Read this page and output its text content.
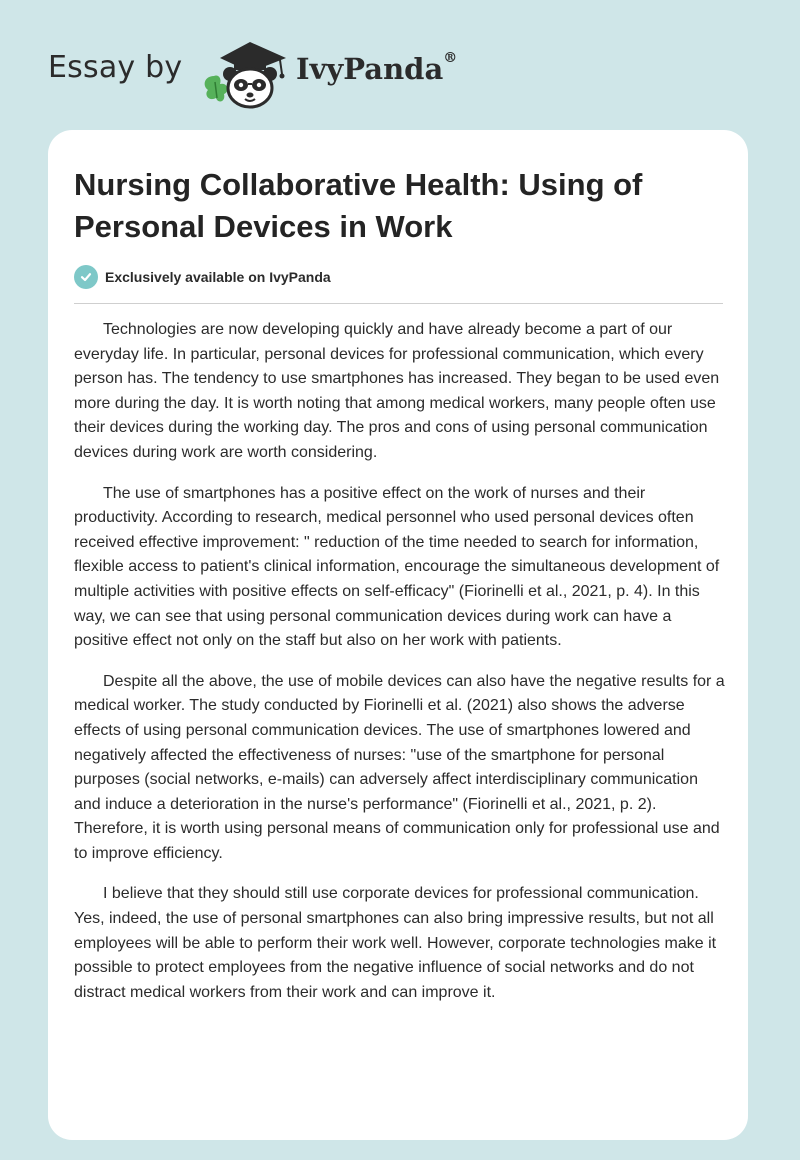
Essay by	IvyPanda®
Nursing Collaborative Health: Using of Personal Devices in Work
Exclusively available on IvyPanda

Technologies are now developing quickly and have already become a part of our everyday life. In particular, personal devices for professional communication, which every person has. The tendency to use smartphones has increased. They began to be used even more during the day. It is worth noting that among medical workers, many people often use their devices during the working day. The pros and cons of using personal communication devices during work are worth considering.

The use of smartphones has a positive effect on the work of nurses and their productivity. According to research, medical personnel who used personal devices often received effective improvement: " reduction of the time needed to search for information, flexible access to patient's clinical information, encourage the simultaneous development of multiple activities with positive effects on self-efficacy" (Fiorinelli et al., 2021, p. 4). In this way, we can see that using personal communication devices during work can have a positive effect not only on the staff but also on her work with patients.

Despite all the above, the use of mobile devices can also have the negative results for a medical worker. The study conducted by Fiorinelli et al. (2021) also shows the adverse effects of using personal communication devices. The use of smartphones lowered and negatively affected the effectiveness of nurses: "use of the smartphone for personal purposes (social networks, e-mails) can adversely affect interdisciplinary communication and induce a deterioration in the nurse's performance" (Fiorinelli et al., 2021, p. 2). Therefore, it is worth using personal means of communication only for professional use and to improve efficiency.

I believe that they should still use corporate devices for professional communication. Yes, indeed, the use of personal smartphones can also bring impressive results, but not all employees will be able to perform their work well. However, corporate technologies make it possible to protect employees from the negative influence of social networks and do not distract medical workers from their work and can improve it.
